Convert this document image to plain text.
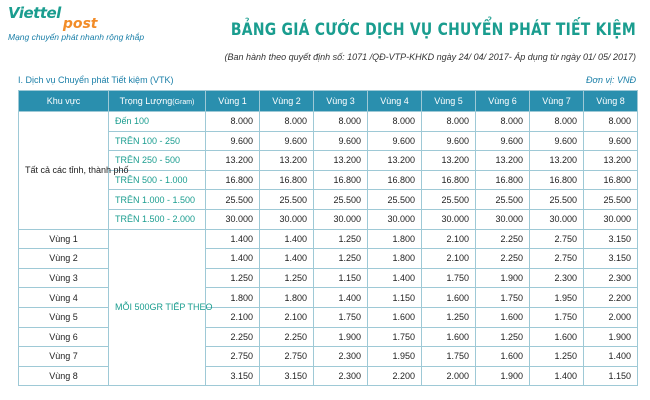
Viettel
post
Mạng chuyển phát nhanh rộng khắp	BẢNG GIÁ CƯỚC DỊCH VỤ CHUYỂN PHÁT TIẾT KIỆM
(Ban hành theo quyết định số: 1071 /QĐ-VTP-KHKD ngày 24/ 04/ 2017- Áp dụng từ ngày 01/ 05/ 2017)
I. Dịch vụ Chuyển phát Tiết kiệm (VTK)	Đơn vị: VNĐ
Khu vực	Trọng Lượng(Gram)	Vùng 1	Vùng 2	Vùng 3	Vùng 4	Vùng 5	Vùng 6	Vùng 7	Vùng 8
Tất cả các tỉnh, thành phố	Đến 100	8.000	8.000	8.000	8.000	8.000	8.000	8.000	8.000
	TRÊN 100 - 250	9.600	9.600	9.600	9.600	9.600	9.600	9.600	9.600
	TRÊN 250 - 500	13.200	13.200	13.200	13.200	13.200	13.200	13.200	13.200
	TRÊN 500 - 1.000	16.800	16.800	16.800	16.800	16.800	16.800	16.800	16.800
	TRÊN 1.000 - 1.500	25.500	25.500	25.500	25.500	25.500	25.500	25.500	25.500
	TRÊN 1.500 - 2.000	30.000	30.000	30.000	30.000	30.000	30.000	30.000	30.000
Vùng 1	MỖI 500GR TIẾP THEO	1.400	1.400	1.250	1.800	2.100	2.250	2.750	3.150
Vùng 2		1.400	1.400	1.250	1.800	2.100	2.250	2.750	3.150
Vùng 3		1.250	1.250	1.150	1.400	1.750	1.900	2.300	2.300
Vùng 4		1.800	1.800	1.400	1.150	1.600	1.750	1.950	2.200
Vùng 5		2.100	2.100	1.750	1.600	1.250	1.600	1.750	2.000
Vùng 6		2.250	2.250	1.900	1.750	1.600	1.250	1.600	1.900
Vùng 7		2.750	2.750	2.300	1.950	1.750	1.600	1.250	1.400
Vùng 8		3.150	3.150	2.300	2.200	2.000	1.900	1.400	1.150
